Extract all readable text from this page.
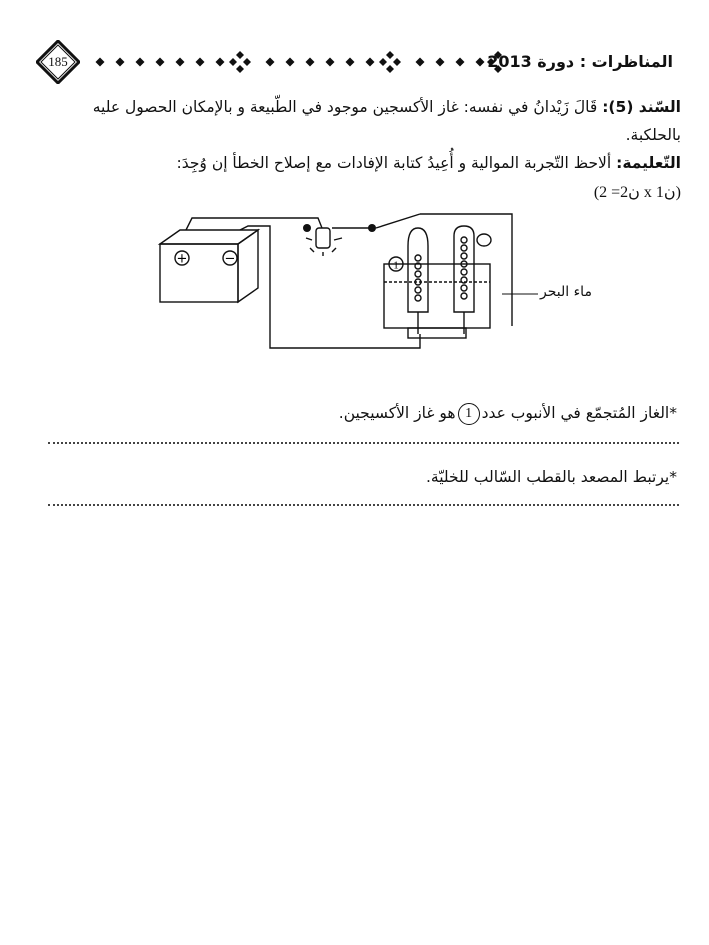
185	المناظرات : دورة 2013
السّند (5): قَالَ زَيْدانُ في نفسه: غاز الأكسجين موجود في الطّبيعة و بالإمكان الحصول عليه
بالحلكبة.
التّعليمة: ألاحظ التّجربة الموالية و أُعِيدُ كتابة الإفادات مع إصلاح الخطأ إن وُجِدَ:
(ن2= 2 x ن1)
+	−	1
ماء البحر
*الغاز المُتجمّع في الأنبوب عدد1هو غاز الأكسيجين.
*يرتبط المصعد بالقطب السّالب للخليّة.
